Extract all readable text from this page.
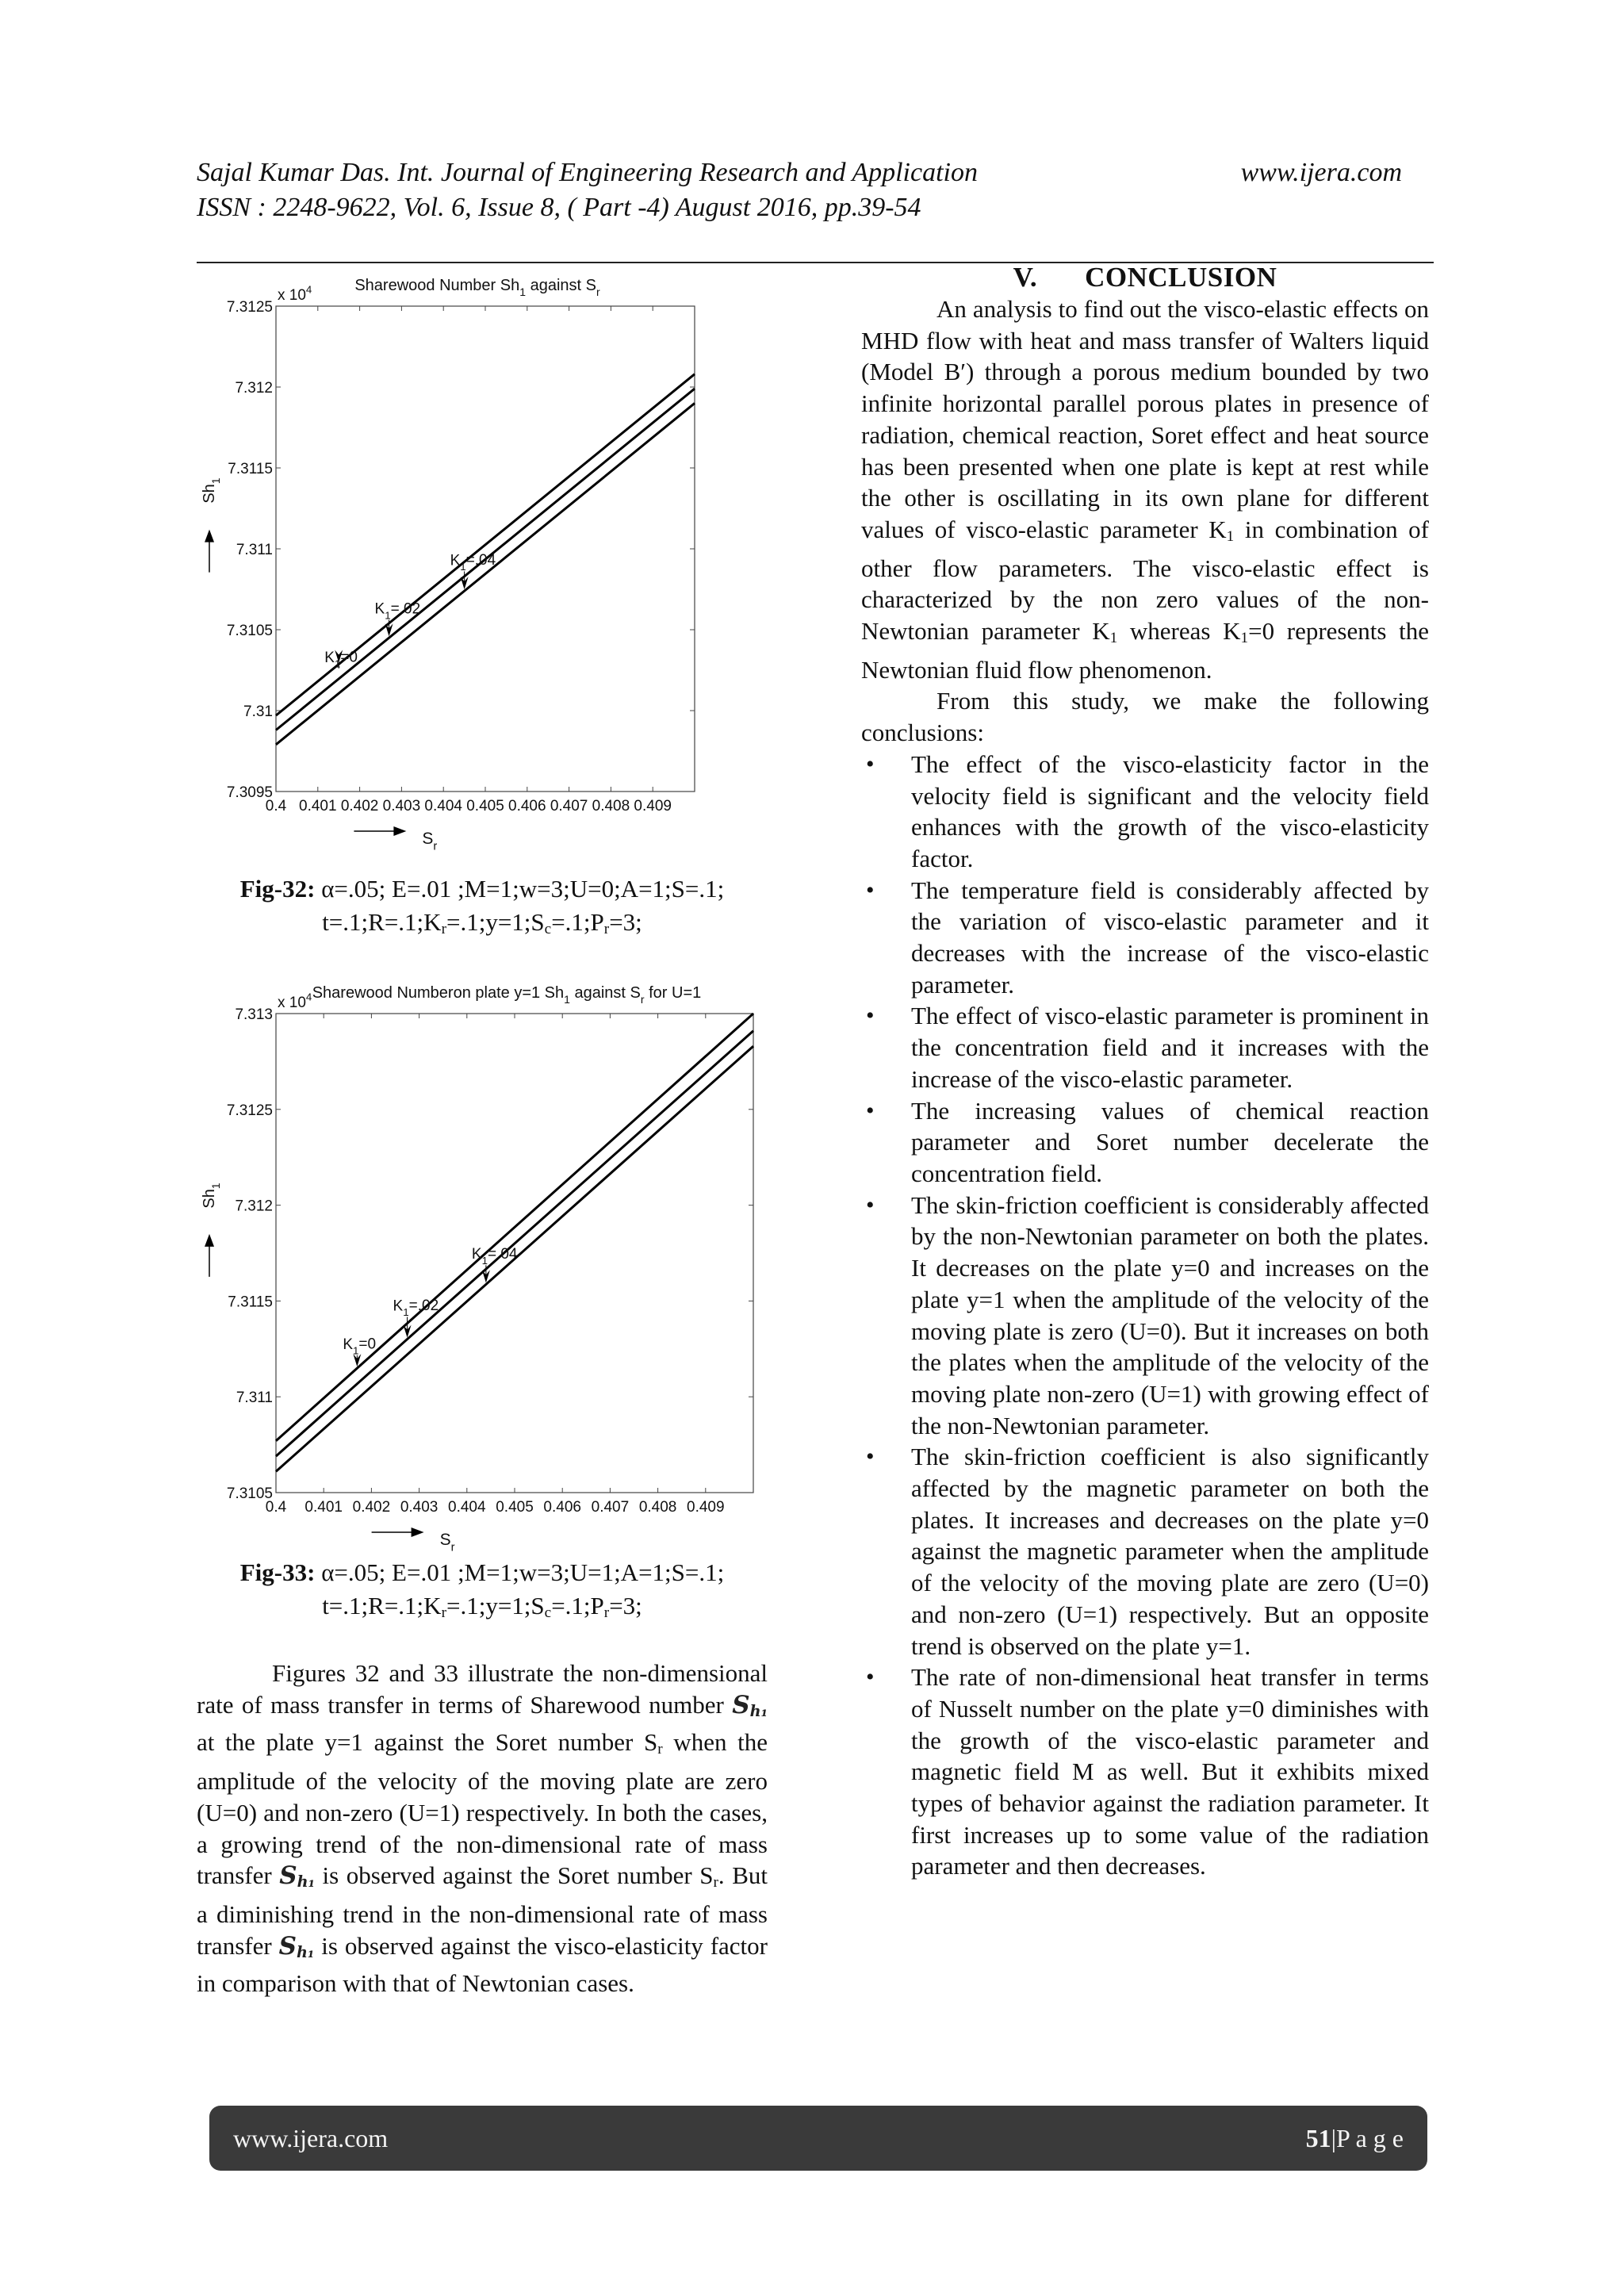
Sajal Kumar Das. Int. Journal of Engineering Research and Application	www.ijera.com
ISSN : 2248-9622, Vol. 6, Issue 8, ( Part -4) August 2016, pp.39-54
Sharewood Number $Sh_1$ against $S_r$
x $10^4$
7.3095
7.31
7.3105
7.311
7.3115
7.312
7.3125
0.4 0.401 0.402 0.403 0.404 0.405 0.406 0.407 0.408 0.409
$K_1=0$
$K_1=.02$
$K_1=.04$
$Sh_1$
$S_r$
Fig-32: α=.05; E=.01 ;M=1;w=3;U=0;A=1;S=.1;
$t=.1;R=.1;K_r=.1;y=1;S_c=.1;P_r=3$;
Sharewood Numberon plate y=1 $Sh_1$ against $S_r$ for U=1
x $10^4$
7.3105
7.311
7.3115
7.312
7.3125
7.313
0.4 0.401 0.402 0.403 0.404 0.405 0.406 0.407 0.408 0.409
$K_1=0$
$K_1=.02$
$K_1=.04$
$Sh_1$
$S_r$
Fig-33: α=.05; E=.01 ;M=1;w=3;U=1;A=1;S=.1;
$t=.1;R=.1;K_r=.1;y=1;S_c=.1;P_r=3$;

Figures 32 and 33 illustrate the non-dimensional rate of mass transfer in terms of Sharewood number $S_{h_1}$ at the plate y=1 against the Soret number $S_r$ when the amplitude of the velocity of the moving plate are zero (U=0) and non-zero (U=1) respectively. In both the cases, a growing trend of the non-dimensional rate of mass transfer $S_{h_1}$ is observed against the Soret number $S_r$. But a diminishing trend in the non-dimensional rate of mass transfer $S_{h_1}$ is observed against the visco-elasticity factor in comparison with that of Newtonian cases.

V. CONCLUSION

An analysis to find out the visco-elastic effects on MHD flow with heat and mass transfer of Walters liquid (Model B′) through a porous medium bounded by two infinite horizontal parallel porous plates in presence of radiation, chemical reaction, Soret effect and heat source has been presented when one plate is kept at rest while the other is oscillating in its own plane for different values of visco-elastic parameter $K_1$ in combination of other flow parameters. The visco-elastic effect is characterized by the non zero values of the non-Newtonian parameter $K_1$ whereas $K_1=0$ represents the Newtonian fluid flow phenomenon.

From this study, we make the following conclusions:

• The effect of the visco-elasticity factor in the velocity field is significant and the velocity field enhances with the growth of the visco-elasticity factor.
• The temperature field is considerably affected by the variation of visco-elastic parameter and it decreases with the increase of the visco-elastic parameter.
• The effect of visco-elastic parameter is prominent in the concentration field and it increases with the increase of the visco-elastic parameter.
• The increasing values of chemical reaction parameter and Soret number decelerate the concentration field.
• The skin-friction coefficient is considerably affected by the non-Newtonian parameter on both the plates. It decreases on the plate y=0 and increases on the plate y=1 when the amplitude of the velocity of the moving plate is zero (U=0). But it increases on both the plates when the amplitude of the velocity of the moving plate non-zero (U=1) with growing effect of the non-Newtonian parameter.
• The skin-friction coefficient is also significantly affected by the magnetic parameter on both the plates. It increases and decreases on the plate y=0 against the magnetic parameter when the amplitude of the velocity of the moving plate are zero (U=0) and non-zero (U=1) respectively. But an opposite trend is observed on the plate y=1.
• The rate of non-dimensional heat transfer in terms of Nusselt number on the plate y=0 diminishes with the growth of the visco-elastic parameter and magnetic field M as well. But it exhibits mixed types of behavior against the radiation parameter. It first increases up to some value of the radiation parameter and then decreases.
www.ijera.com	51|P a g e
